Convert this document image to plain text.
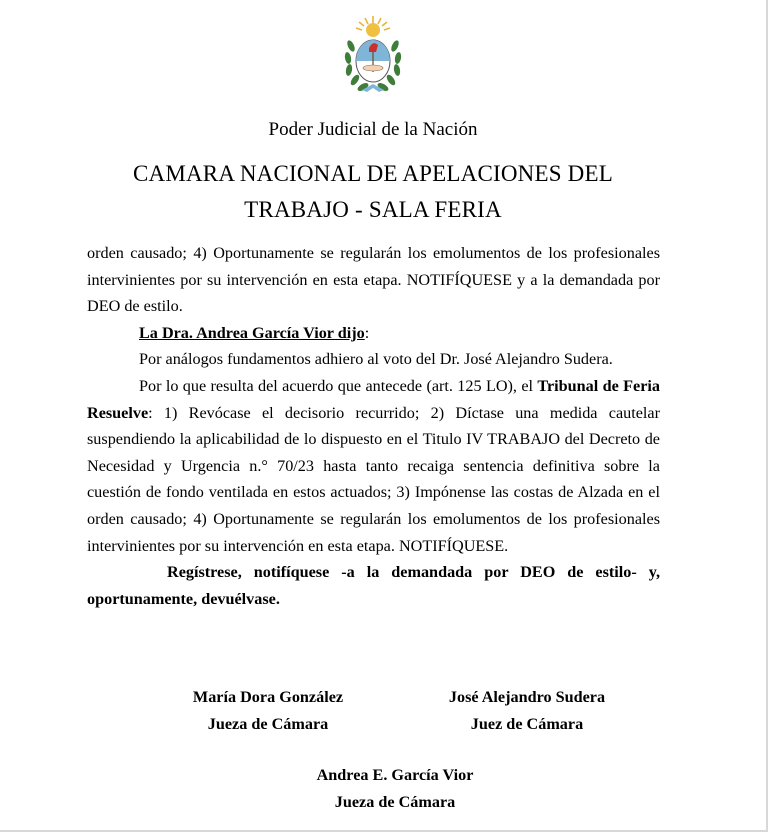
Poder Judicial de la Nación
CAMARA NACIONAL DE APELACIONES DEL
TRABAJO - SALA FERIA

orden causado; 4) Oportunamente se regularán los emolumentos de los profesionales intervinientes por su intervención en esta etapa. NOTIFÍQUESE y a la demandada por DEO de estilo.

La Dra. Andrea García Vior dijo:

Por análogos fundamentos adhiero al voto del Dr. José Alejandro Sudera.

Por lo que resulta del acuerdo que antecede (art. 125 LO), el Tribunal de Feria Resuelve: 1) Revócase el decisorio recurrido; 2) Díctase una medida cautelar suspendiendo la aplicabilidad de lo dispuesto en el Titulo IV TRABAJO del Decreto de Necesidad y Urgencia n.° 70/23 hasta tanto recaiga sentencia definitiva sobre la cuestión de fondo ventilada en estos actuados; 3) Impónense las costas de Alzada en el orden causado; 4) Oportunamente se regularán los emolumentos de los profesionales intervinientes por su intervención en esta etapa. NOTIFÍQUESE.

Regístrese, notifíquese -a la demandada por DEO de estilo- y, oportunamente, devuélvase.

María Dora González
Jueza de Cámara
José Alejandro Sudera
Juez de Cámara
Andrea E. García Vior
Jueza de Cámara
